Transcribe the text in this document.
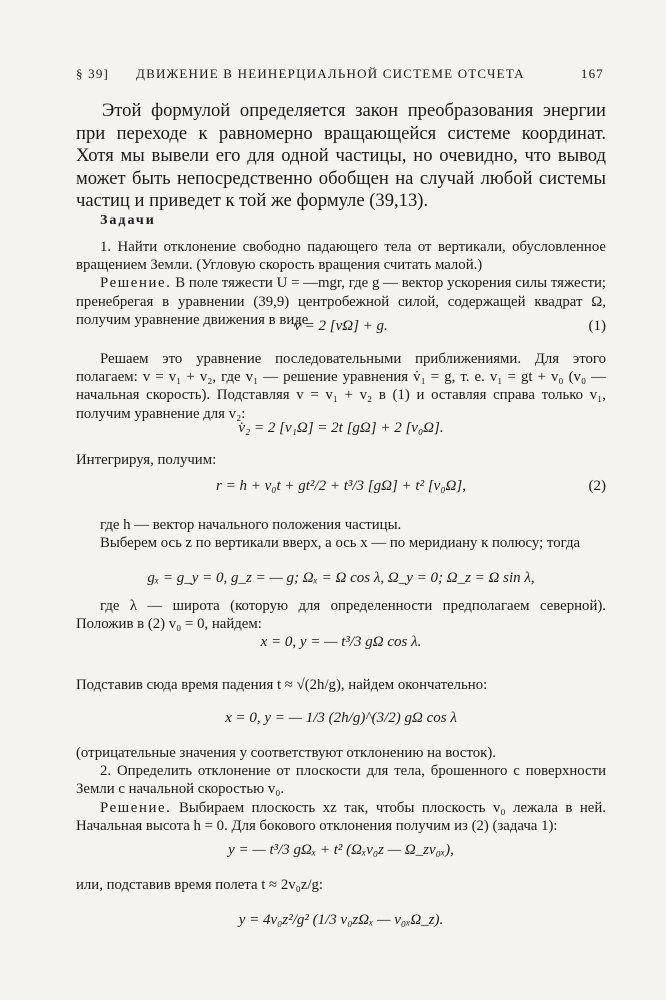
§ 39] ДВИЖЕНИЕ В НЕИНЕРЦИАЛЬНОЙ СИСТЕМЕ ОТСЧЕТА	167

Этой формулой определяется закон преобразования энергии при переходе к равномерно вращающейся системе координат. Хотя мы вывели его для одной частицы, но очевидно, что вывод может быть непосредственно обобщен на случай любой системы частиц и приведет к той же формуле (39,13).

Задачи

1. Найти отклонение свободно падающего тела от вертикали, обусловленное вращением Земли. (Угловую скорость вращения считать малой.)

Решение. В поле тяжести U = —mgr, где g — вектор ускорения силы тяжести; пренебрегая в уравнении (39,9) центробежной силой, содержащей квадрат Ω, получим уравнение движения в виде

v̇ = 2 [vΩ] + g.	(1)

Решаем это уравнение последовательными приближениями. Для этого полагаем: v = v₁ + v₂, где v₁ — решение уравнения v̇₁ = g, т. е. v₁ = gt + v₀ (v₀ — начальная скорость). Подставляя v = v₁ + v₂ в (1) и оставляя справа только v₁, получим уравнение для v₂:

v̇₂ = 2 [v₁Ω] = 2t [gΩ] + 2 [v₀Ω].

Интегрируя, получим:

r = h + v₀t + gt²/2 + t³/3 [gΩ] + t² [v₀Ω],	(2)

где h — вектор начального положения частицы.

Выберем ось z по вертикали вверх, а ось x — по меридиану к полюсу; тогда

gₓ = g_y = 0, g_z = — g; Ωₓ = Ω cos λ, Ω_y = 0; Ω_z = Ω sin λ,

где λ — широта (которую для определенности предполагаем северной). Положив в (2) v₀ = 0, найдем:

x = 0, y = — t³/3 gΩ cos λ.

Подставив сюда время падения t ≈ √(2h/g), найдем окончательно:

x = 0, y = — 1/3 (2h/g)^(3/2) gΩ cos λ

(отрицательные значения y соответствуют отклонению на восток).

2. Определить отклонение от плоскости для тела, брошенного с поверхности Земли с начальной скоростью v₀.

Решение. Выбираем плоскость xz так, чтобы плоскость v₀ лежала в ней. Начальная высота h = 0. Для бокового отклонения получим из (2) (задача 1):

y = — t³/3 gΩₓ + t² (Ωₓv₀z — Ω_zv₀ₓ),

или, подставив время полета t ≈ 2v₀z/g:

y = 4v₀z²/g² (1/3 v₀zΩₓ — v₀ₓΩ_z).
